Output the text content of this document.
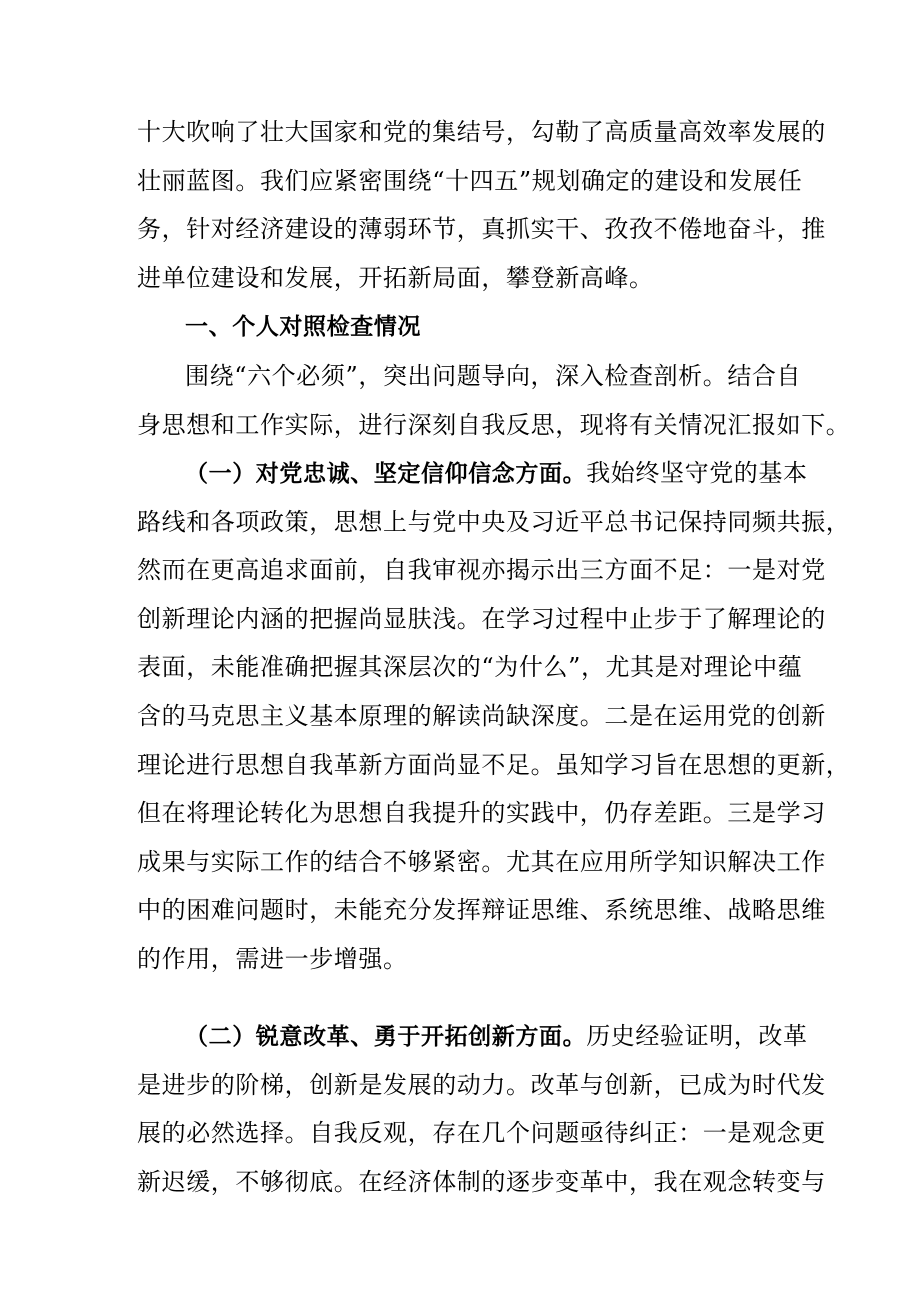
十大吹响了壮大国家和党的集结号，勾勒了高质量高效率发展的
壮丽蓝图。我们应紧密围绕“十四五”规划确定的建设和发展任
务，针对经济建设的薄弱环节，真抓实干、孜孜不倦地奋斗，推
进单位建设和发展，开拓新局面，攀登新高峰。
一、个人对照检查情况
围绕“六个必须”，突出问题导向，深入检查剖析。结合自
身思想和工作实际，进行深刻自我反思，现将有关情况汇报如下。
（一）对党忠诚、坚定信仰信念方面。我始终坚守党的基本
路线和各项政策，思想上与党中央及习近平总书记保持同频共振，
然而在更高追求面前，自我审视亦揭示出三方面不足：一是对党
创新理论内涵的把握尚显肤浅。在学习过程中止步于了解理论的
表面，未能准确把握其深层次的“为什么”，尤其是对理论中蕴
含的马克思主义基本原理的解读尚缺深度。二是在运用党的创新
理论进行思想自我革新方面尚显不足。虽知学习旨在思想的更新，
但在将理论转化为思想自我提升的实践中，仍存差距。三是学习
成果与实际工作的结合不够紧密。尤其在应用所学知识解决工作
中的困难问题时，未能充分发挥辩证思维、系统思维、战略思维
的作用，需进一步增强。
（二）锐意改革、勇于开拓创新方面。历史经验证明，改革
是进步的阶梯，创新是发展的动力。改革与创新，已成为时代发
展的必然选择。自我反观，存在几个问题亟待纠正：一是观念更
新迟缓，不够彻底。在经济体制的逐步变革中，我在观念转变与
